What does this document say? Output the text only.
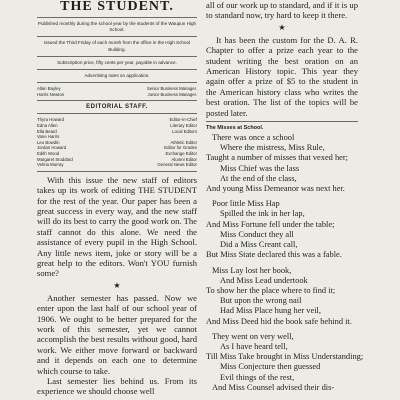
THE STUDENT.
Published monthly during the school year by the students of the Waupun High School.
Issued the Third Friday of each month from the office in the High School Building.
Subscription price, fifty cents per year, payable in advance.
Advertising rates on application.
Allan Bayley	Senior Business Manager.
Harris Newton	Junior Business Manager.
EDITORIAL STAFF.
Thyra Howard	Editor-in-Chief
Edna Allen	Literary Editor
Ella Beard	Local Editors
Vane Harris
Leo Bowdin	Athletic Editor
Jordan Howard	Editor for Grades
Edith Wood	Exchange Editor
Margaret Stoddard	Alumni Editor
Velma Murray	General News Editor

With this issue the new staff of editors takes up its work of editing THE STUDENT for the rest of the year. Our paper has been a great success in every way, and the new staff will do its best to carry the good work on. The staff cannot do this alone. We need the assistance of every pupil in the High School. Any little news item, joke or story will be a great help to the editors. Won't YOU furnish some?

★

Another semester has passed. Now we enter upon the last half of our school year of 1906. We ought to be better prepared for the work of this semester, yet we cannot accomplish the best results without good, hard work. We either move forward or backward and it depends on each one to determine which course to take.

Last semester lies behind us. From its experience we should choose well

all of our work up to standard, and if it is up to standard now, try hard to keep it there.

★

It has been the custom for the D. A. R. Chapter to offer a prize each year to the student writing the best oration on an American History topic. This year they again offer a prize of $5 to the student in the American history class who writes the best oration. The list of the topics will be posted later.

The Misses at School.
There was once a school
Where the mistress, Miss Rule,
Taught a number of misses that vexed her;
Miss Chief was the lass
At the end of the class,
And young Miss Demeanor was next her.
Poor little Miss Hap
Spilled the ink in her lap,
And Miss Fortune fell under the table;
Miss Conduct they all
Did a Miss Creant call,
But Miss State declared this was a fable.
Miss Lay lost her book,
And Miss Lead undertook
To show her the place where to find it;
But upon the wrong nail
Had Miss Place hung her veil,
And Miss Deed hid the book safe behind it.
They went on very well,
As I have heard tell,
Till Miss Take brought in Miss Understanding;
Miss Conjecture then guessed
Evil things of the rest,
And Miss Counsel advised their dis-
